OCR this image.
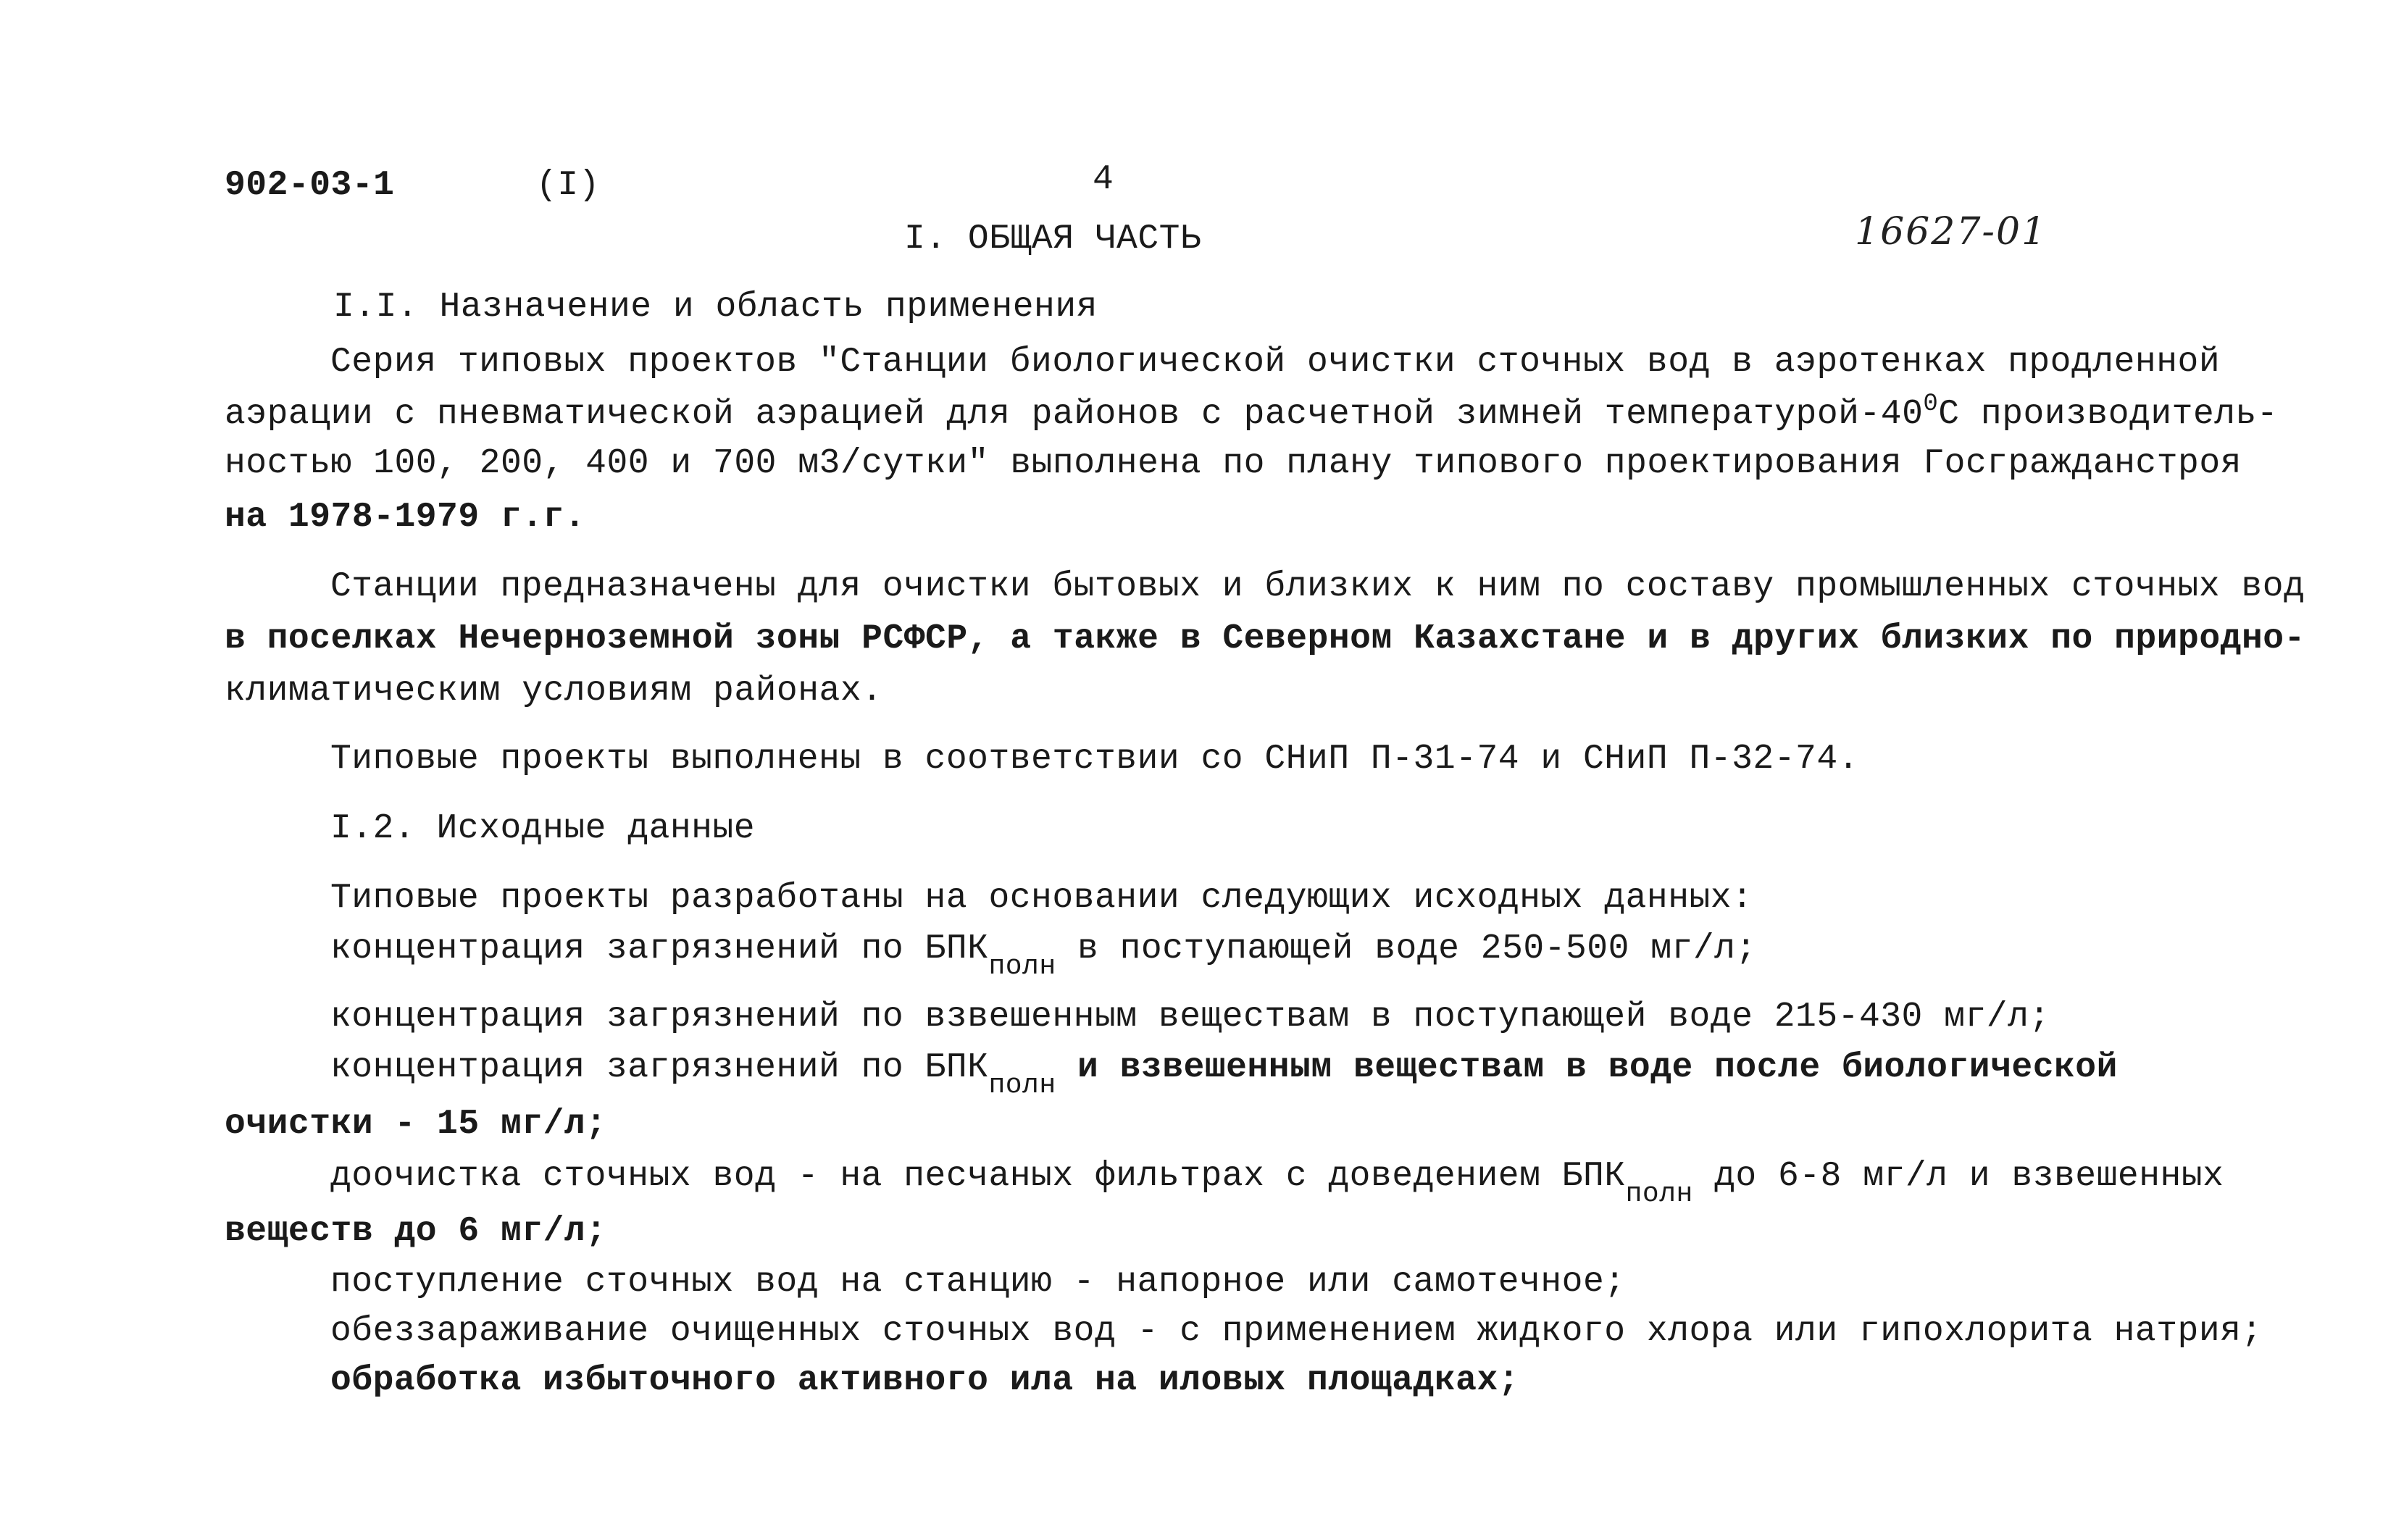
902-03-1	(I)	4
I. ОБЩАЯ ЧАСТЬ	16627-01
I.I. Назначение и область применения
Серия типовых проектов "Станции биологической очистки сточных вод в аэротенках продленной
аэрации с пневматической аэрацией для районов с расчетной зимней температурой-$40^0С$ производитель-
ностью 100, 200, 400 и 700 м3/сутки" выполнена по плану типового проектирования Госгражданстроя
на 1978-1979 г.г.
Станции предназначены для очистки бытовых и близких к ним по составу промышленных сточных вод
в поселках Нечерноземной зоны РСФСР, а также в Северном Казахстане и в других близких по природно-
климатическим условиям районах.
Типовые проекты выполнены в соответствии со СНиП П-31-74 и СНиП П-32-74.
I.2. Исходные данные
Типовые проекты разработаны на основании следующих исходных данных:
концентрация загрязнений по $БПК_{полн}$ в поступающей воде 250-500 мг/л;
концентрация загрязнений по взвешенным веществам в поступающей воде 215-430 мг/л;
концентрация загрязнений по $БПК_{полн}$ и взвешенным веществам в воде после биологической
очистки - 15 мг/л;
доочистка сточных вод - на песчаных фильтрах с доведением $БПК_{полн}$ до 6-8 мг/л и взвешенных
веществ до 6 мг/л;
поступление сточных вод на станцию - напорное или самотечное;
обеззараживание очищенных сточных вод - с применением жидкого хлора или гипохлорита натрия;
обработка избыточного активного ила на иловых площадках;
